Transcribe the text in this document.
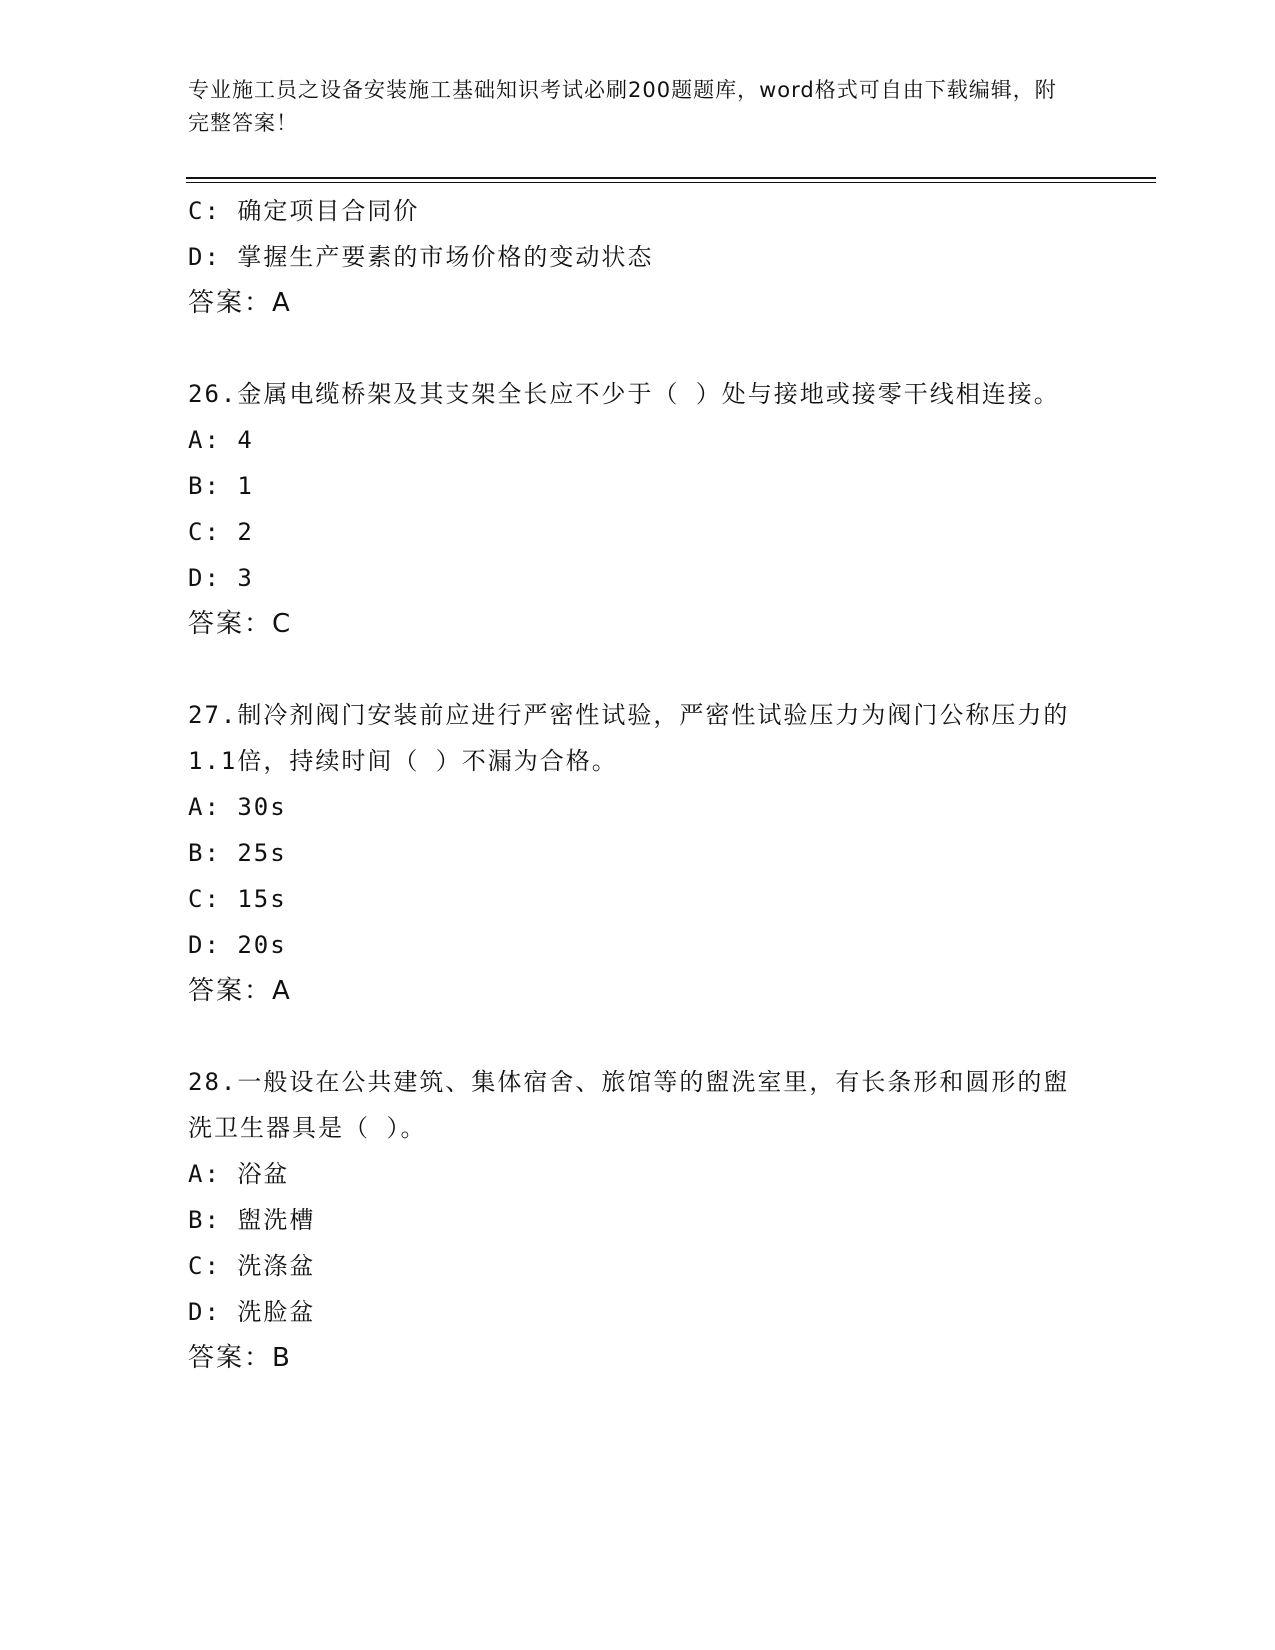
专业施工员之设备安装施工基础知识考试必刷200题题库，word格式可自由下载编辑，附完整答案！
C: 确定项目合同价
D: 掌握生产要素的市场价格的变动状态
答案：A
26.金属电缆桥架及其支架全长应不少于（ ）处与接地或接零干线相连接。
A: 4
B: 1
C: 2
D: 3
答案：C
27.制冷剂阀门安装前应进行严密性试验，严密性试验压力为阀门公称压力的1.1倍，持续时间（ ）不漏为合格。
A: 30s
B: 25s
C: 15s
D: 20s
答案：A
28.一般设在公共建筑、集体宿舍、旅馆等的盥洗室里，有长条形和圆形的盥洗卫生器具是（ ）。
A: 浴盆
B: 盥洗槽
C: 洗涤盆
D: 洗脸盆
答案：B
